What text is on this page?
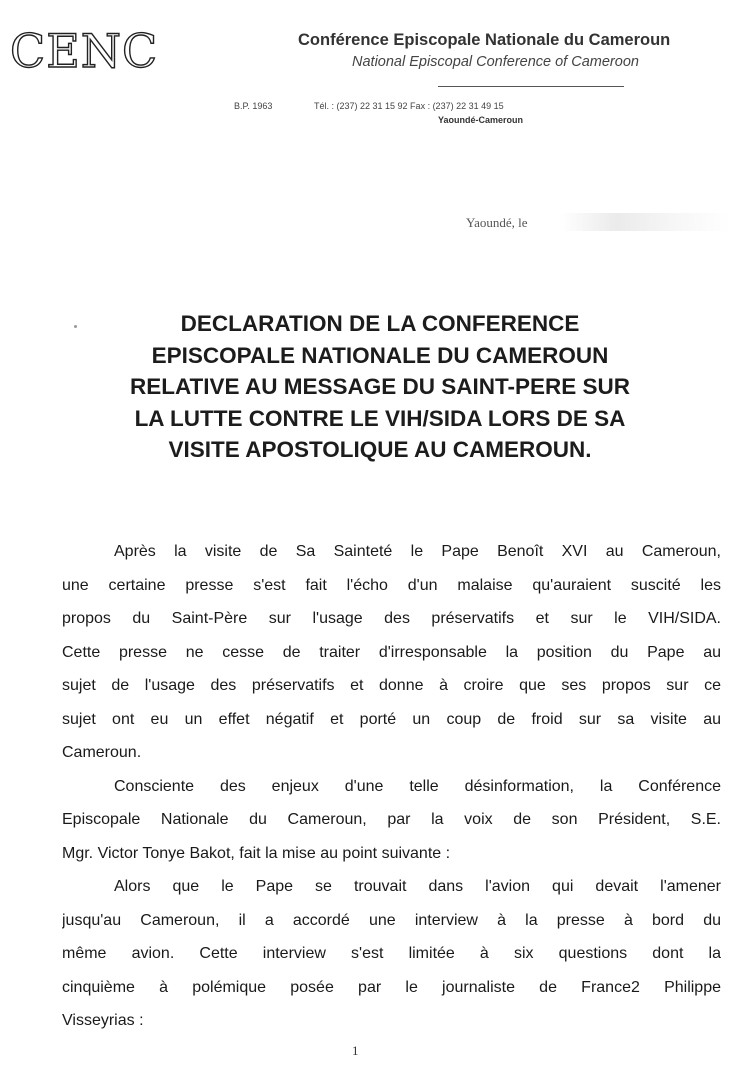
CENC	Conférence Episcopale Nationale du Cameroun
National Episcopal Conference of Cameroon
B.P. 1963	Tél. : (237) 22 31 15 92 Fax : (237) 22 31 49 15
Yaoundé-Cameroun
Yaoundé, le
DECLARATION DE LA CONFERENCE
EPISCOPALE NATIONALE DU CAMEROUN
RELATIVE AU MESSAGE DU SAINT-PERE SUR
LA LUTTE CONTRE LE VIH/SIDA LORS DE SA
VISITE APOSTOLIQUE AU CAMEROUN.
Après la visite de Sa Sainteté le Pape Benoît XVI au Cameroun,
une certaine presse s'est fait l'écho d'un malaise qu'auraient suscité les
propos du Saint-Père sur l'usage des préservatifs et sur le VIH/SIDA.
Cette presse ne cesse de traiter d'irresponsable la position du Pape au
sujet de l'usage des préservatifs et donne à croire que ses propos sur ce
sujet ont eu un effet négatif et porté un coup de froid sur sa visite au
Cameroun.
Consciente des enjeux d'une telle désinformation, la Conférence
Episcopale Nationale du Cameroun, par la voix de son Président, S.E.
Mgr. Victor Tonye Bakot, fait la mise au point suivante :
Alors que le Pape se trouvait dans l'avion qui devait l'amener
jusqu'au Cameroun, il a accordé une interview à la presse à bord du
même avion. Cette interview s'est limitée à six questions dont la
cinquième à polémique posée par le journaliste de France2 Philippe
Visseyrias :
1
